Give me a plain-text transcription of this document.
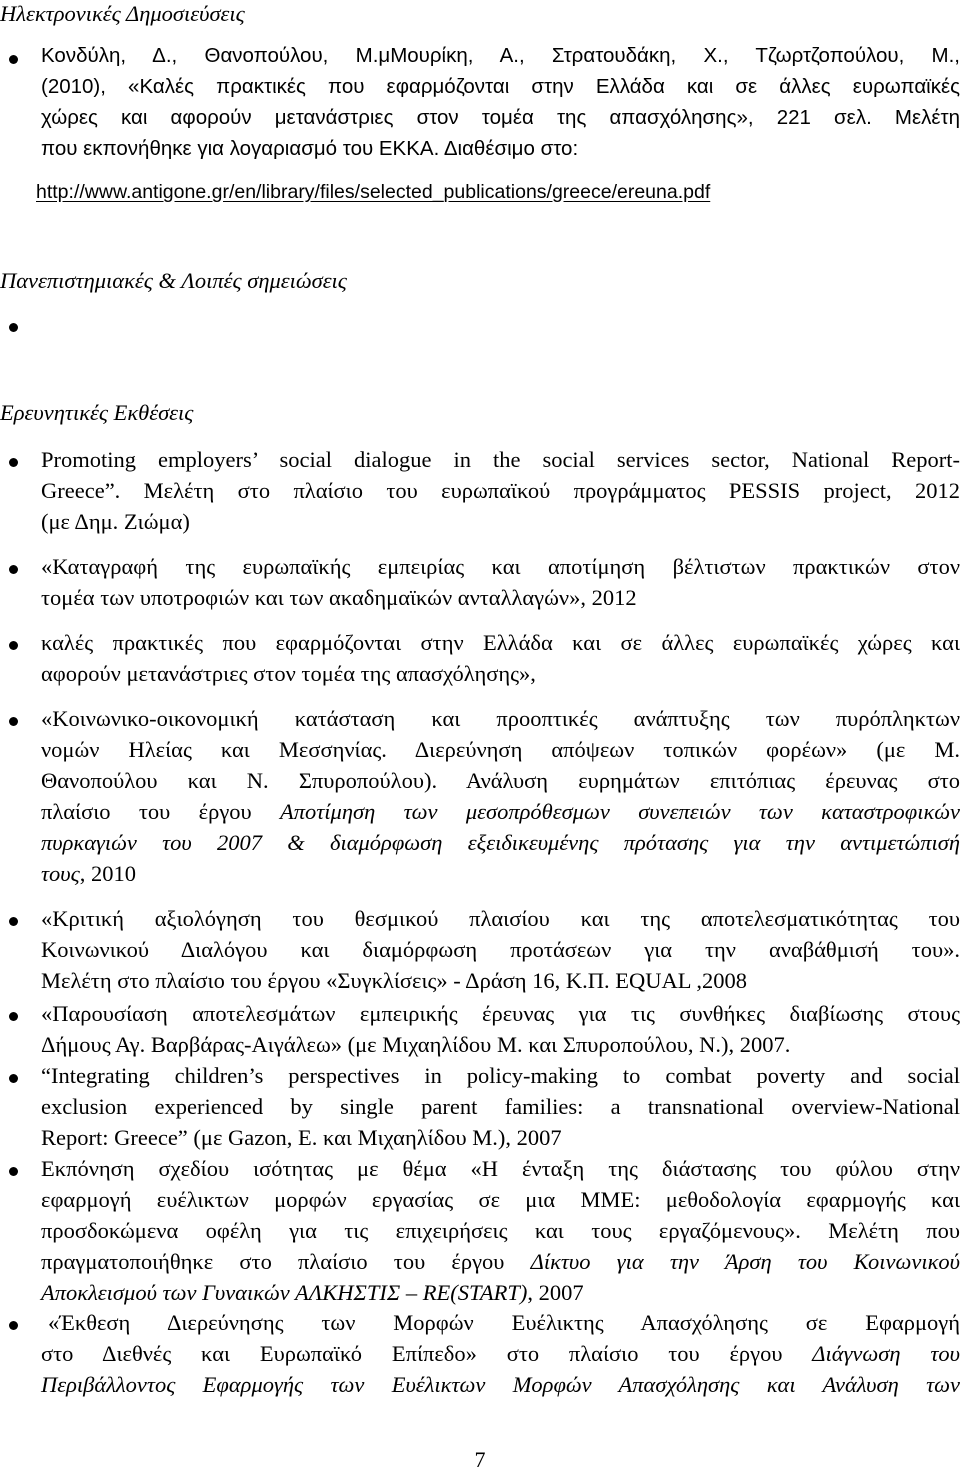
Ηλεκτρονικές Δημοσιεύσεις
Κονδύλη, Δ., Θανοπούλου, Μ.μΜουρίκη, Α., Στρατουδάκη, Χ., Τζωρτζοπούλου, Μ.,
(2010), «Καλές πρακτικές που εφαρμόζονται στην Ελλάδα και σε άλλες ευρωπαϊκές
χώρες και αφορούν μετανάστριες στον τομέα της απασχόλησης», 221 σελ. Μελέτη
που εκπονήθηκε για λογαριασμό του ΕΚΚΑ. Διαθέσιμο στο:
http://www.antigone.gr/en/library/files/selected_publications/greece/ereuna.pdf
Πανεπιστημιακές & Λοιπές σημειώσεις
Ερευνητικές Εκθέσεις
Promoting employers’ social dialogue in the social services sector, National Report-
Greece”. Μελέτη στο πλαίσιο του ευρωπαϊκού προγράμματος PESSIS project, 2012
(με Δημ. Ζιώμα)
«Καταγραφή της ευρωπαϊκής εμπειρίας και αποτίμηση βέλτιστων πρακτικών στον
τομέα των υποτροφιών και των ακαδημαϊκών ανταλλαγών», 2012
καλές πρακτικές που εφαρμόζονται στην Ελλάδα και σε άλλες ευρωπαϊκές χώρες και
αφορούν μετανάστριες στον τομέα της απασχόλησης»,
«Κοινωνικο-οικονομική κατάσταση και προοπτικές ανάπτυξης των πυρόπληκτων
νομών Ηλείας και Μεσσηνίας. Διερεύνηση απόψεων τοπικών φορέων» (με Μ.
Θανοπούλου και Ν. Σπυροπούλου). Ανάλυση ευρημάτων επιτόπιας έρευνας στο
πλαίσιο του έργου Αποτίμηση των μεσοπρόθεσμων συνεπειών των καταστροφικών
πυρκαγιών του 2007 & διαμόρφωση εξειδικευμένης πρότασης για την αντιμετώπισή
τους, 2010
«Κριτική αξιολόγηση του θεσμικού πλαισίου και της αποτελεσματικότητας του
Κοινωνικού Διαλόγου και διαμόρφωση προτάσεων για την αναβάθμισή του».
Μελέτη στο πλαίσιο του έργου «Συγκλίσεις» - Δράση 16, Κ.Π. EQUAL ,2008
«Παρουσίαση αποτελεσμάτων εμπειρικής έρευνας για τις συνθήκες διαβίωσης στους
Δήμους Αγ. Βαρβάρας-Αιγάλεω» (με Μιχαηλίδου Μ. και Σπυροπούλου, Ν.), 2007.
“Integrating children’s perspectives in policy-making to combat poverty and social
exclusion experienced by single parent families: a transnational overview-National
Report: Greece” (με Gazon, E. και Μιχαηλίδου Μ.), 2007
Εκπόνηση σχεδίου ισότητας με θέμα «Η ένταξη της διάστασης του φύλου στην
εφαρμογή ευέλικτων μορφών εργασίας σε μια ΜΜΕ: μεθοδολογία εφαρμογής και
προσδοκώμενα οφέλη για τις επιχειρήσεις και τους εργαζόμενους». Μελέτη που
πραγματοποιήθηκε στο πλαίσιο του έργου Δίκτυο για την Άρση του Κοινωνικού
Αποκλεισμού των Γυναικών ΑΛΚΗΣΤΙΣ – RE(START), 2007
«Έκθεση Διερεύνησης των Μορφών Ευέλικτης Απασχόλησης σε Εφαρμογή
στο Διεθνές και Ευρωπαϊκό Επίπεδο» στο πλαίσιο του έργου Διάγνωση του
Περιβάλλοντος Εφαρμογής των Ευέλικτων Μορφών Απασχόλησης και Ανάλυση των
7
